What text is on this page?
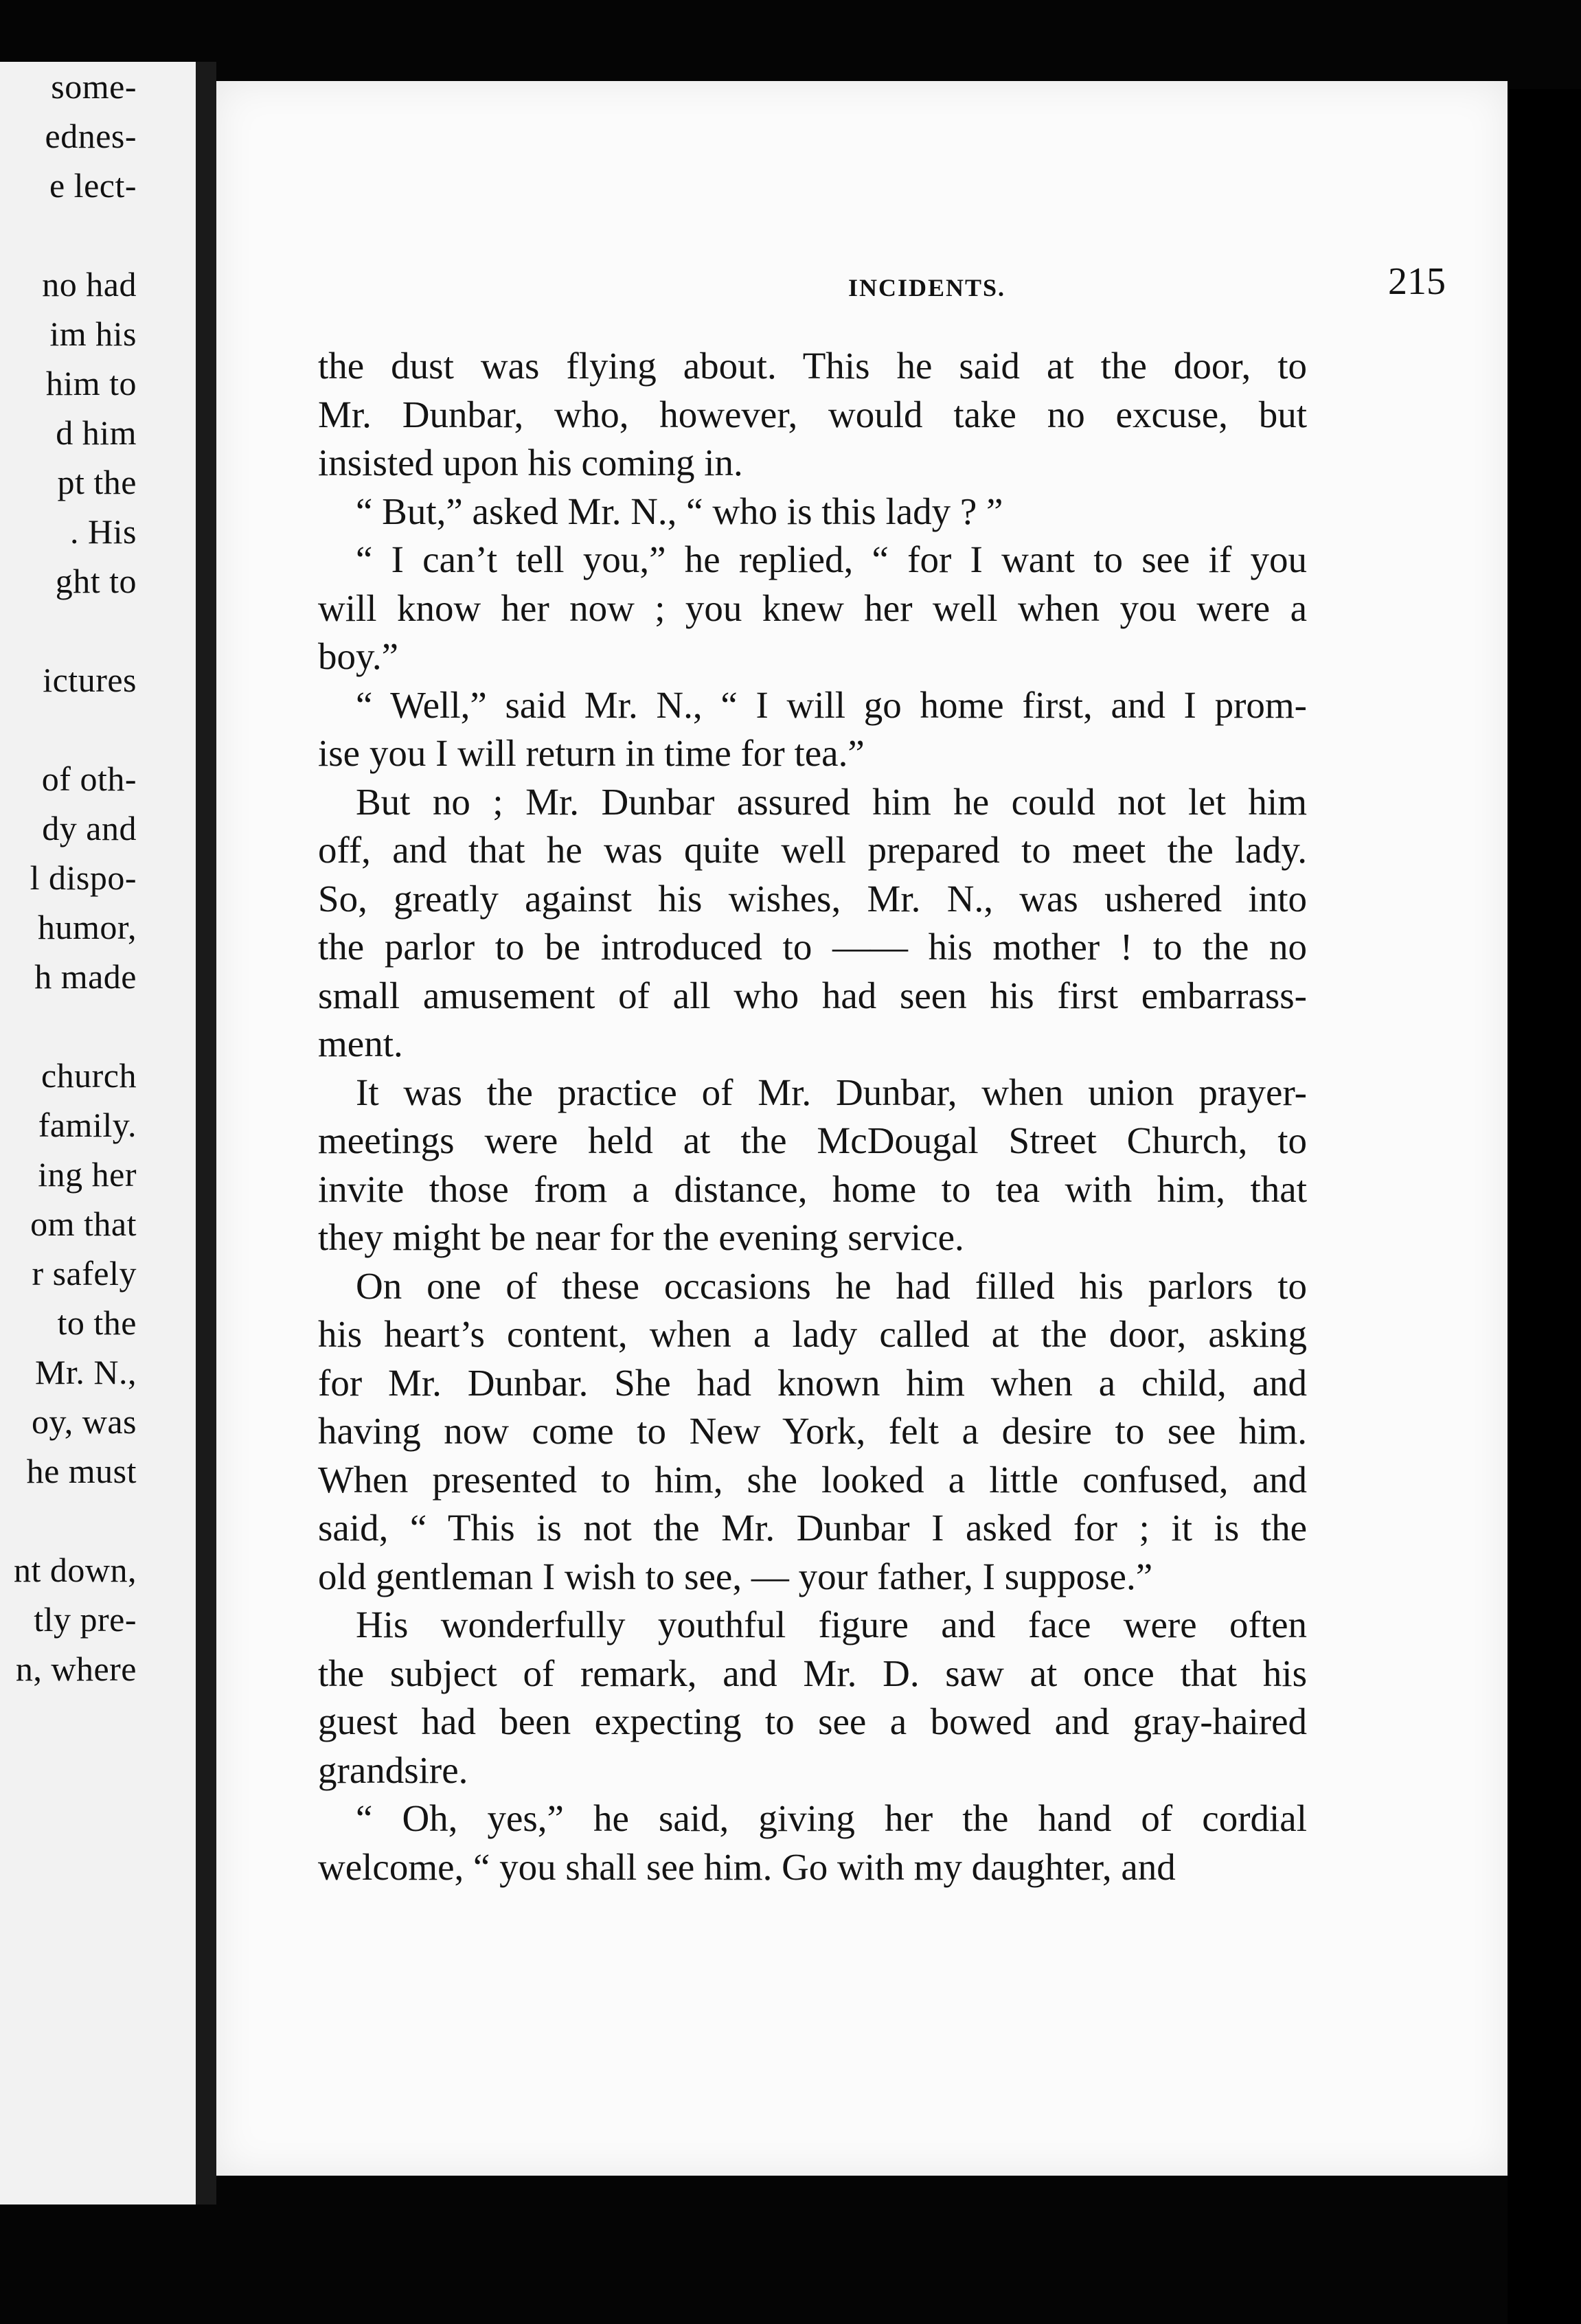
some-
ednes-
e lect-
no had
im his
him to
d him
pt the
. His
ght to
ictures
of oth-
dy and
l dispo-
humor,
h made
church
family.
ing her
om that
r safely
to the
Mr. N.,
oy, was
he must
nt down,
tly pre-
n, where
INCIDENTS.	215

the dust was flying about. This he said at the door, to

Mr. Dunbar, who, however, would take no excuse, but

insisted upon his coming in.

“ But,” asked Mr. N., “ who is this lady ? ”

“ I can’t tell you,” he replied, “ for I want to see if you

will know her now ; you knew her well when you were a

boy.”

“ Well,” said Mr. N., “ I will go home first, and I prom-

ise you I will return in time for tea.”

But no ; Mr. Dunbar assured him he could not let him

off, and that he was quite well prepared to meet the lady.

So, greatly against his wishes, Mr. N., was ushered into

the parlor to be introduced to —— his mother ! to the no

small amusement of all who had seen his first embarrass-

ment.

It was the practice of Mr. Dunbar, when union prayer-

meetings were held at the McDougal Street Church, to

invite those from a distance, home to tea with him, that

they might be near for the evening service.

On one of these occasions he had filled his parlors to

his heart’s content, when a lady called at the door, asking

for Mr. Dunbar. She had known him when a child, and

having now come to New York, felt a desire to see him.

When presented to him, she looked a little confused, and

said, “ This is not the Mr. Dunbar I asked for ; it is the

old gentleman I wish to see, — your father, I suppose.”

His wonderfully youthful figure and face were often

the subject of remark, and Mr. D. saw at once that his

guest had been expecting to see a bowed and gray-haired

grandsire.

“ Oh, yes,” he said, giving her the hand of cordial

welcome, “ you shall see him. Go with my daughter, and
